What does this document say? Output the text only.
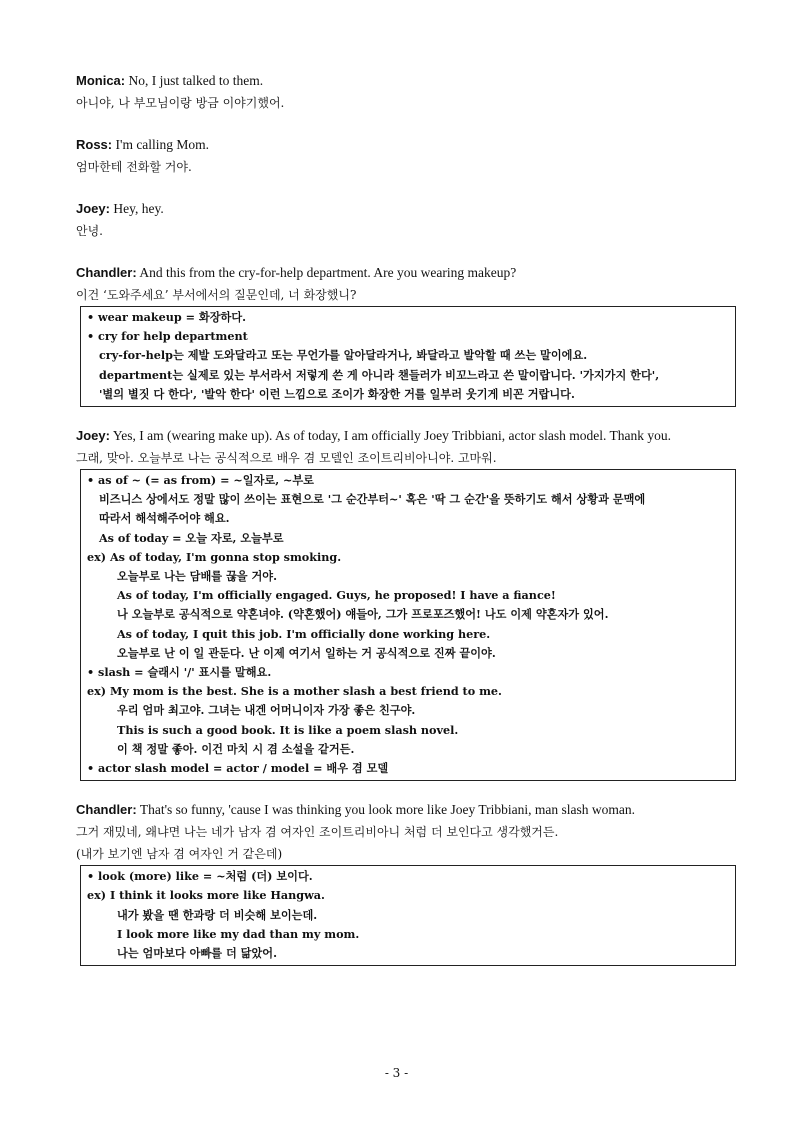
Monica: No, I just talked to them.
아니야, 나 부모님이랑 방금 이야기했어.
Ross: I'm calling Mom.
엄마한테 전화할 거야.
Joey: Hey, hey.
안녕.
Chandler: And this from the cry-for-help department. Are you wearing makeup?
이건 ‘도와주세요’ 부서에서의 질문인데, 너 화장했니?
• wear makeup = 화장하다.
• cry for help department
cry-for-help는 제발 도와달라고 또는 무언가를 알아달라거나, 봐달라고 발악할 때 쓰는 말이에요.
department는 실제로 있는 부서라서 저렇게 쓴 게 아니라 챈들러가 비꼬느라고 쓴 말이랍니다. '가지가지 한다',
'별의 별짓 다 한다', '발악 한다' 이런 느낌으로 조이가 화장한 거를 일부러 웃기게 비꼰 거랍니다.
Joey: Yes, I am (wearing make up). As of today, I am officially Joey Tribbiani, actor slash model. Thank you.
그래, 맞아. 오늘부로 나는 공식적으로 배우 겸 모델인 조이트리비아니야. 고마워.
• as of ~ (= as from) = ~일자로, ~부로
비즈니스 상에서도 정말 많이 쓰이는 표현으로 '그 순간부터~' 혹은 '딱 그 순간'을 뜻하기도 해서 상황과 문맥에
따라서 해석해주어야 해요.
As of today = 오늘 자로, 오늘부로
ex) As of today, I'm gonna stop smoking.
오늘부로 나는 담배를 끊을 거야.
As of today, I'm officially engaged. Guys, he proposed! I have a fiance!
나 오늘부로 공식적으로 약혼녀야. (약혼했어) 얘들아, 그가 프로포즈했어! 나도 이제 약혼자가 있어.
As of today, I quit this job. I'm officially done working here.
오늘부로 난 이 일 관둔다. 난 이제 여기서 일하는 거 공식적으로 진짜 끝이야.
• slash = 슬래시 '/' 표시를 말해요.
ex) My mom is the best. She is a mother slash a best friend to me.
우리 엄마 최고야. 그녀는 내겐 어머니이자 가장 좋은 친구야.
This is such a good book. It is like a poem slash novel.
이 책 정말 좋아. 이건 마치 시 겸 소설을 같거든.
• actor slash model = actor / model = 배우 겸 모델
Chandler: That's so funny, 'cause I was thinking you look more like Joey Tribbiani, man slash woman.
그거 재밌네, 왜냐면 나는 네가 남자 겸 여자인 조이트리비아니 처럼 더 보인다고 생각했거든.
(내가 보기엔 남자 겸 여자인 거 같은데)
• look (more) like = ~처럼 (더) 보이다.
ex) I think it looks more like Hangwa.
내가 봤을 땐 한과랑 더 비슷해 보이는데.
I look more like my dad than my mom.
나는 엄마보다 아빠를 더 닮았어.
- 3 -
